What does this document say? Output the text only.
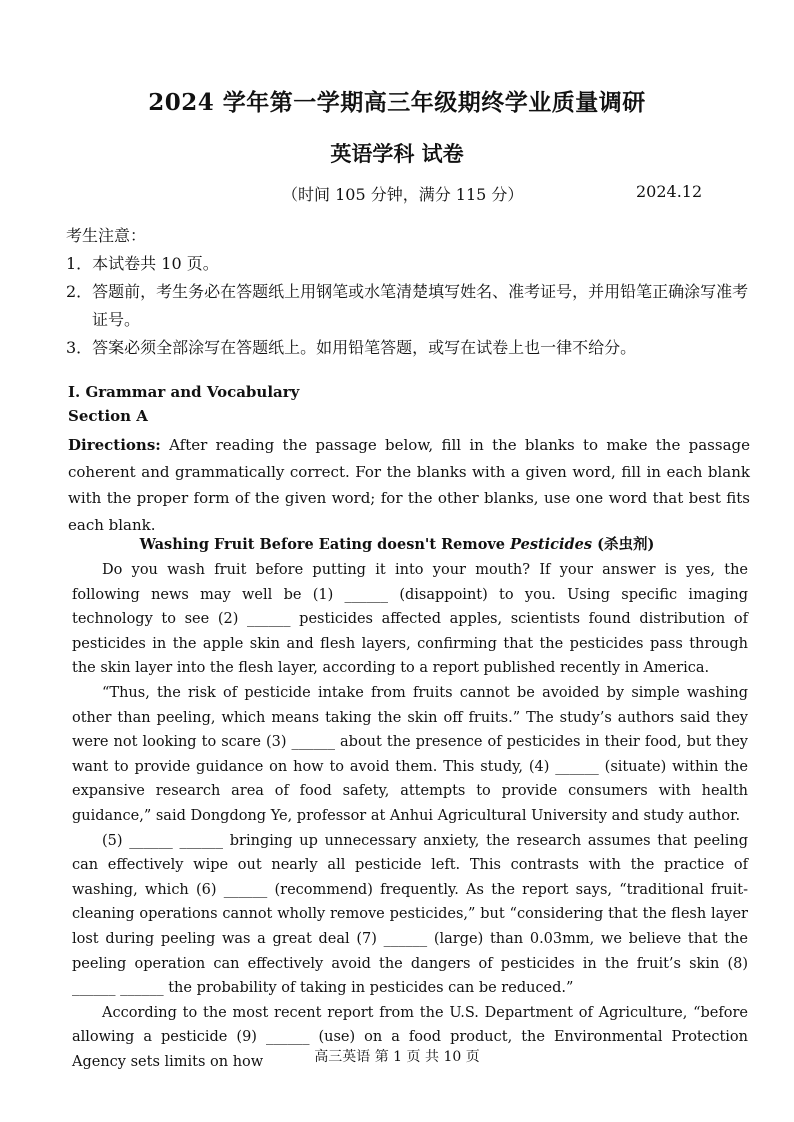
2024 学年第一学期高三年级期终学业质量调研
英语学科 试卷
（时间 105 分钟，满分 115 分）	2024.12
考生注意：
1．本试卷共 10 页。
2．答题前，考生务必在答题纸上用钢笔或水笔清楚填写姓名、准考证号，并用铅笔正确涂写准考证号。
3．答案必须全部涂写在答题纸上。如用铅笔答题，或写在试卷上也一律不给分。
I. Grammar and Vocabulary
Section A
Directions: After reading the passage below, fill in the blanks to make the passage coherent and grammatically correct. For the blanks with a given word, fill in each blank with the proper form of the given word; for the other blanks, use one word that best fits each blank.
Washing Fruit Before Eating doesn't Remove Pesticides (杀虫剂)

Do you wash fruit before putting it into your mouth? If your answer is yes, the following news may well be (1) ______ (disappoint) to you. Using specific imaging technology to see (2) ______ pesticides affected apples, scientists found distribution of pesticides in the apple skin and flesh layers, confirming that the pesticides pass through the skin layer into the flesh layer, according to a report published recently in America.

“Thus, the risk of pesticide intake from fruits cannot be avoided by simple washing other than peeling, which means taking the skin off fruits.” The study’s authors said they were not looking to scare (3) ______ about the presence of pesticides in their food, but they want to provide guidance on how to avoid them. This study, (4) ______ (situate) within the expansive research area of food safety, attempts to provide consumers with health guidance,” said Dongdong Ye, professor at Anhui Agricultural University and study author.

(5) ______ ______ bringing up unnecessary anxiety, the research assumes that peeling can effectively wipe out nearly all pesticide left. This contrasts with the practice of washing, which (6) ______ (recommend) frequently. As the report says, “traditional fruit-cleaning operations cannot wholly remove pesticides,” but “considering that the flesh layer lost during peeling was a great deal (7) ______ (large) than 0.03mm, we believe that the peeling operation can effectively avoid the dangers of pesticides in the fruit’s skin (8) ______ ______ the probability of taking in pesticides can be reduced.”

According to the most recent report from the U.S. Department of Agriculture, “before allowing a pesticide (9) ______ (use) on a food product, the Environmental Protection Agency sets limits on how	高三英语 第 1 页 共 10 页
